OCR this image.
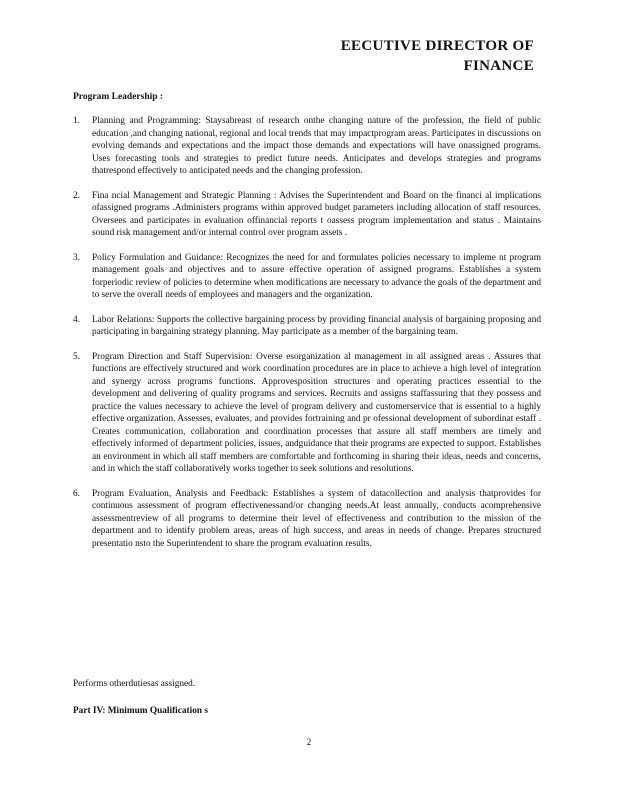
EECUTIVE DIRECTOR OF
FINANCE
Program Leadership :
1.	Planning and Programming: Staysabreast of research onthe changing nature of the profession, the field of public education ,and changing national, regional and local trends that may impactprogram areas. Participates in discussions on evolving demands and expectations and the impact those demands and expectations will have onassigned programs. Uses forecasting tools and strategies to predict future needs. Anticipates and develops strategies and programs thatrespond effectively to anticipated needs and the changing profession.
2.	Fina ncial Management and Strategic Planning : Advises the Superintendent and Board on the financi al implications ofassigned programs .Administers programs within approved budget parameters including allocation of staff resources. Oversees and participates in evaluation offinancial reports t oassess program implementation and status . Maintains sound risk management and/or internal control over program assets .
3.	Policy Formulation and Guidance: Recognizes the need for and formulates policies necessary to impleme nt program management goals and objectives and to assure effective operation of assigned programs. Establishes a system forperiodic review of policies to determine when modifications are necessary to advance the goals of the department and to serve the overall needs of employees and managers and the organization.
4.	Labor Relations: Supports the collective bargaining process by providing financial analysis of bargaining proposing and participating in bargaining strategy planning. May participate as a member of the bargaining team.
5.	Program Direction and Staff Supervision: Overse esorganization al management in all assigned areas . Assures that functions are effectively structured and work coordination procedures are in place to achieve a high level of integration and synergy across programs functions. Approvesposition structures and operating practices essential to the development and delivering of quality programs and services. Recruits and assigns staffassuring that they possess and practice the values necessary to achieve the level of program delivery and customerservice that is essential to a highly effective organization. Assesses, evaluates, and provides fortraining and pr ofessional development of subordinat estaff . Creates communication, collaboration and coordination processes that assure all staff members are timely and effectively informed of department policies, issues, andguidance that their programs are expected to support. Establishes an environment in which all staff members are comfortable and forthcoming in sharing their ideas, needs and concerns, and in which the staff collaboratively works together to seek solutions and resolutions.
6.	Program Evaluation, Analysis and Feedback: Establishes a system of datacollection and analysis thatprovides for continuous assessment of program effectivenessand/or changing needs.At least annually, conducts acomprehensive assessmentreview of all programs to determine their level of effectiveness and contribution to the mission of the department and to identify problem areas, areas of high success, and areas in needs of change. Prepares structured presentatio nsto the Superintendent to share the program evaluation results.
Performs otherdutiesas assigned.
Part IV: Minimum Qualification s
2
